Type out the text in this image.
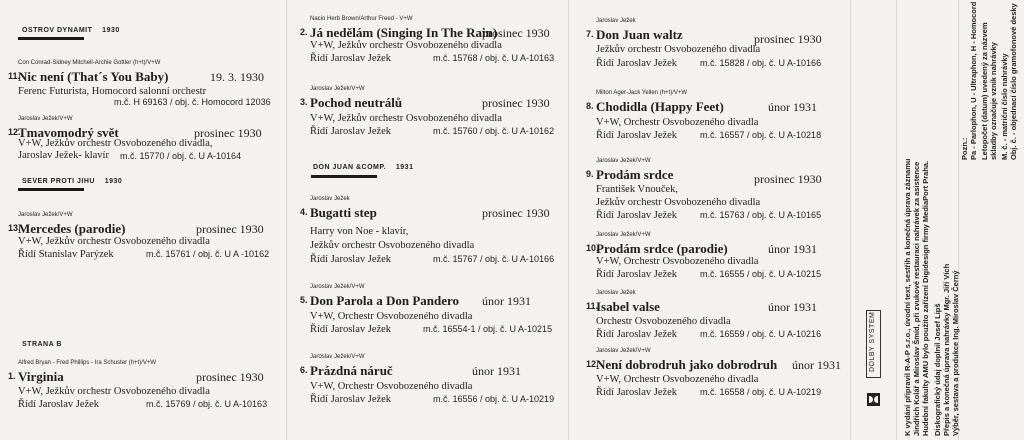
OSTROV DYNAMIT 1930
SEVER PROTI JIHU 1930
STRANA B
DON JUAN &COMP. 1931
11.
Con Conrad-Sidney Mitchell-Archie Gottler (h+t)/V+W
Nic není (That´s You Baby)	19. 3. 1930
Ferenc Futurista, Homocord salonní orchestr
m.č. H 69163 / obj. č. Homocord 12036
12.
Jaroslav Ježek/V+W
Tmavomodrý svět	prosinec 1930
V+W, Ježkův orchestr Osvobozeného divadla,
Jaroslav Ježek- klavír m.č. 15770 / obj. č. U A-10164
13.
Jaroslav Ježek/V+W
Mercedes (parodie)	prosinec 1930
V+W, Ježkův orchestr Osvobozeného divadla
Řídí Stanislav Parýzek	m.č. 15761 / obj. č. U A -10162
1.
Alfred Bryan - Fred Phillips - Ira Schuster (h+t)/V+W
Virginia	prosinec 1930
V+W, Ježkův orchestr Osvobozeného divadla
Řídí Jaroslav Ježek	m.č. 15769 / obj. č. U A-10163
2.
Nacio Herb Brown/Arthur Freed - V+W
Já nedělám (Singing In The Rain)
prosinec 1930
V+W, Ježkův orchestr Osvobozeného divadla
Řídí Jaroslav Ježek	m.č. 15768 / obj. č. U A-10163
3.
Jaroslav Ježek/V+W
Pochod neutrálů	prosinec 1930
V+W, Ježkův orchestr Osvobozeného divadla
Řídí Jaroslav Ježek	m.č. 15760 / obj. č. U A-10162
4.
Jaroslav Ježek
Bugatti step	prosinec 1930
Harry von Noe - klavír,
Ježkův orchestr Osvobozeného divadla
Řídí Jaroslav Ježek	m.č. 15767 / obj. č. U A-10166
5.
Jaroslav Ježek/V+W
Don Parola a Don Pandero únor 1931
V+W, Orchestr Osvobozeného divadla
Řídí Jaroslav Ježek	m.č. 16554-1 / obj. č. U A-10215
6.
Jaroslav Ježek/V+W
Prázdná náruč	únor 1931
V+W, Orchestr Osvobozeného divadla
Řídí Jaroslav Ježek	m.č. 16556 / obj. č. U A-10219
7.
Jaroslav Ježek
Don Juan waltz	prosinec 1930
Ježkův orchestr Osvobozeného divadla
Řídí Jaroslav Ježek	m.č. 15828 / obj. č. U A-10166
8.
Milton Ager-Jack Yellen (h+t)/V+W
Chodidla (Happy Feet)	únor 1931
V+W, Orchestr Osvobozeného divadla
Řídí Jaroslav Ježek	m.č. 16557 / obj. č. U A-10218
9.
Jaroslav Ježek/V+W
Prodám srdce	prosinec 1930
František Vnouček,
Ježkův orchestr Osvobozeného divadla
Řídí Jaroslav Ježek	m.č. 15763 / obj. č. U A-10165
10.
Jaroslav Ježek/V+W
Prodám srdce (parodie)	únor 1931
V+W, Orchestr Osvobozeného divadla
Řídí Jaroslav Ježek	m.č. 16555 / obj. č. U A-10215
11.
Jaroslav Ježek
Isabel valse	únor 1931
Orchestr Osvobozeného divadla
Řídí Jaroslav Ježek	m.č. 16559 / obj. č. U A-10216
12.
Jaroslav Ježek/V+W
Není dobrodruh jako dobrodruh únor 1931
V+W, Orchestr Osvobozeného divadla
Řídí Jaroslav Ježek	m.č. 16558 / obj. č. U A-10219
DOLBY SYSTEM	K vydání připravil R-A-P s.r.o., úvodní text, sestřih a konečná úprava záznamu Jindřich Kolář a Miroslav Šmíd, při zvukové restauraci nahrávek za asistence Hudební fakulty AMU bylo použito zařízení Digidesign firmy MediaPort Praha. Diskografický údaj doplnil Josef Lipš Přepis a konečná úprava nahrávky Mgr. Jiří Vích Výběr, sestava a produkce Ing. Miroslav Černý
Pozn.: Pa - Parlophon, U - Ultraphon, H - Homocord Letopočet (datum) uvedený za názvem skladby označuje vznik nahrávky M. č. - matriční číslo nahrávky Obj. č. - objednací číslo gramofonové desky
